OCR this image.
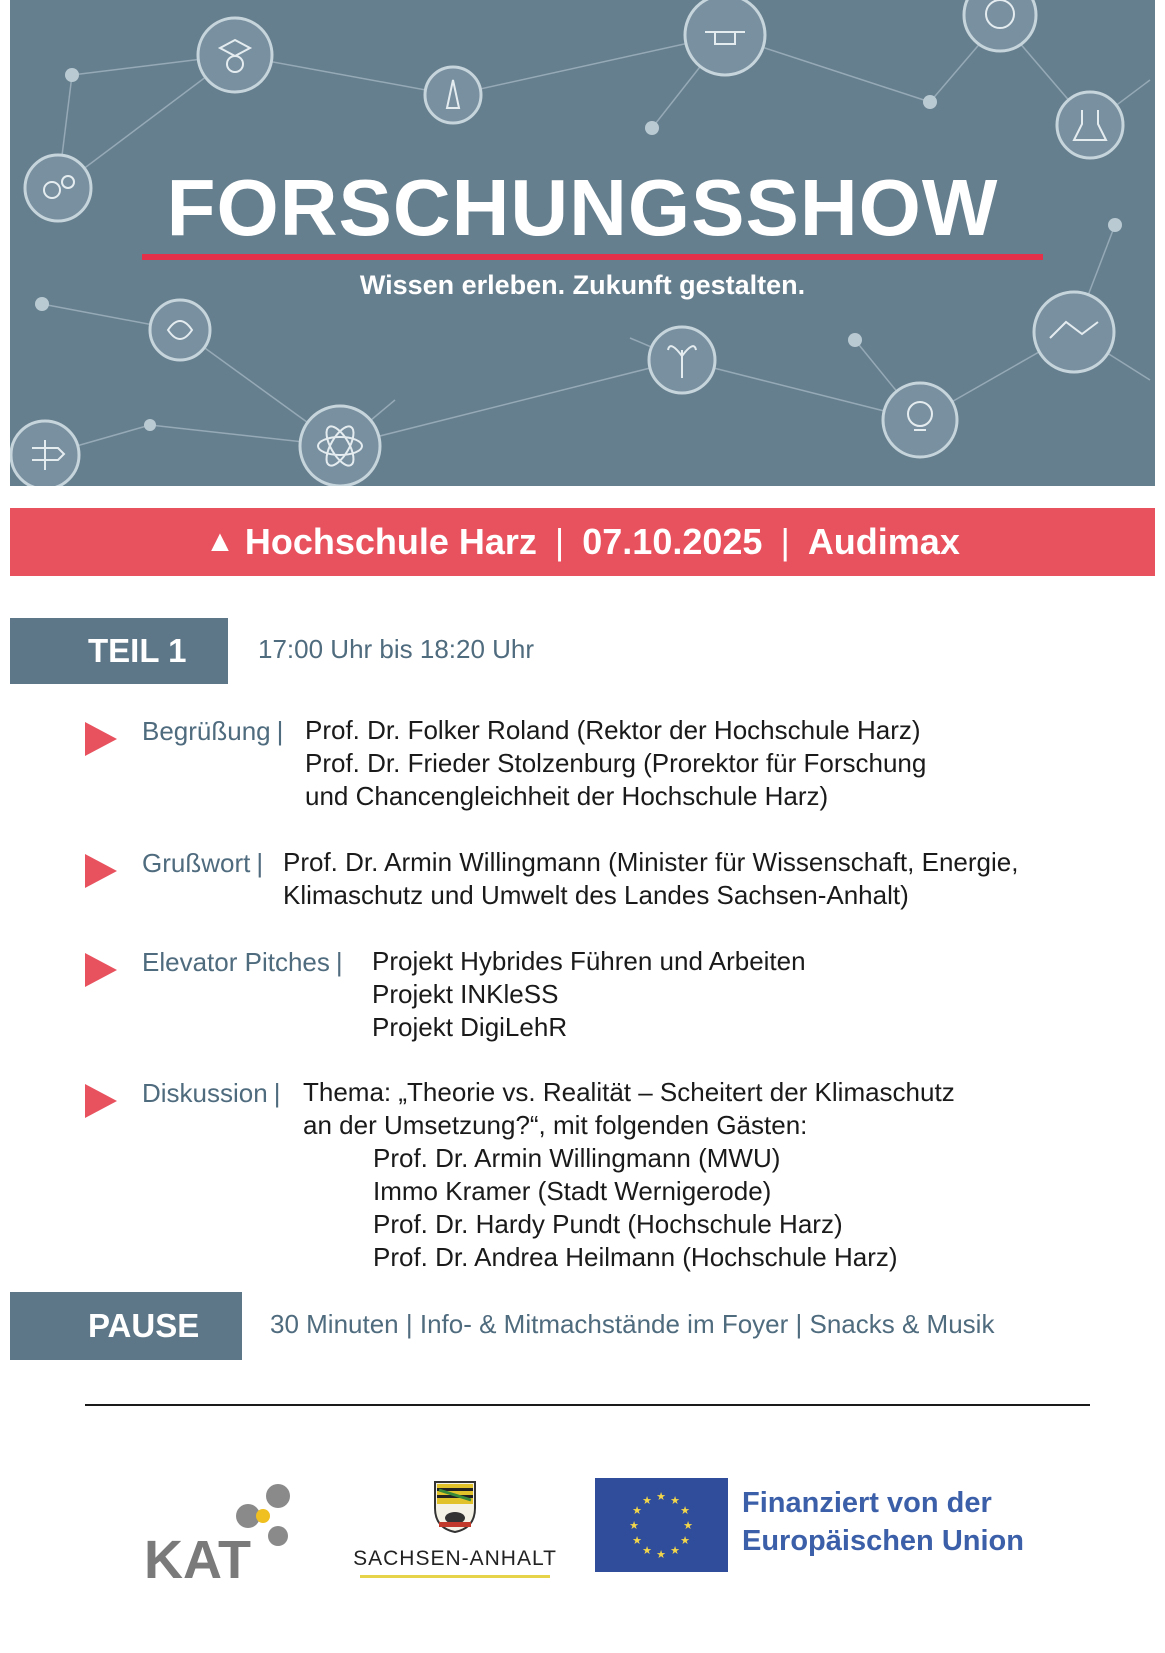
FORSCHUNGSSHOW
Wissen erleben. Zukunft gestalten.
▲ Hochschule Harz | 07.10.2025 | Audimax
TEIL 1	17:00 Uhr bis 18:20 Uhr
Begrüßung | Prof. Dr. Folker Roland (Rektor der Hochschule Harz)
Prof. Dr. Frieder Stolzenburg (Prorektor für Forschung
und Chancengleichheit der Hochschule Harz)
Grußwort | Prof. Dr. Armin Willingmann (Minister für Wissenschaft, Energie,
Klimaschutz und Umwelt des Landes Sachsen-Anhalt)
Elevator Pitches | Projekt Hybrides Führen und Arbeiten
Projekt INKleSS
Projekt DigiLehR
Diskussion | Thema: „Theorie vs. Realität – Scheitert der Klimaschutz
an der Umsetzung?“, mit folgenden Gästen:
Prof. Dr. Armin Willingmann (MWU)
Immo Kramer (Stadt Wernigerode)
Prof. Dr. Hardy Pundt (Hochschule Harz)
Prof. Dr. Andrea Heilmann (Hochschule Harz)
PAUSE	30 Minuten | Info- & Mitmachstände im Foyer | Snacks & Musik
KAT	SACHSEN-ANHALT
★ ★
★
★
★
★
★
★
★
★
★
★	Finanziert von der
Europäischen Union
